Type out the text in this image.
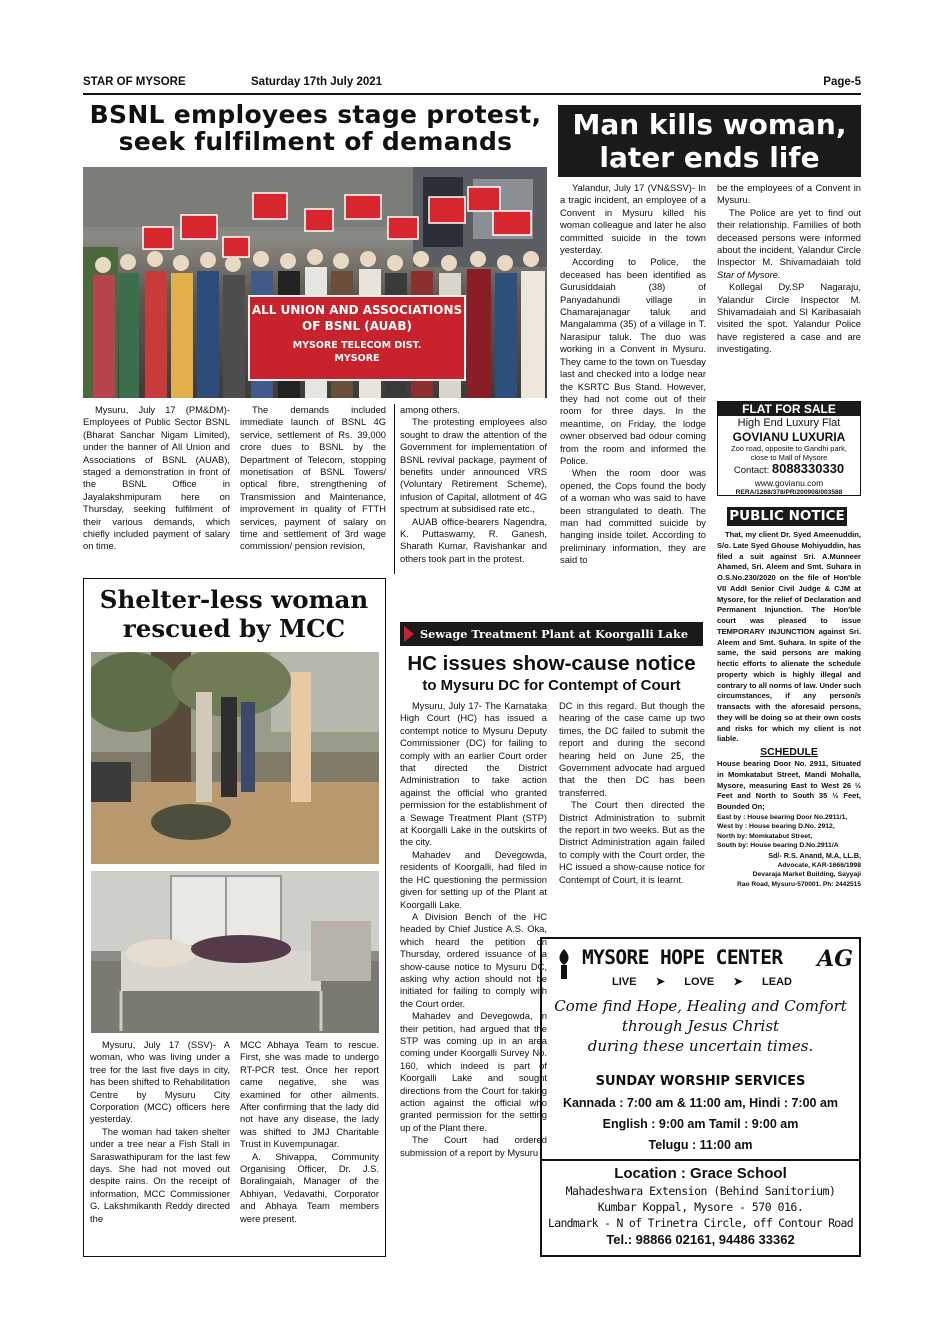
STAR OF MYSORE	Saturday 17th July 2021	Page-5
BSNL employees stage protest,
seek fulfilment of demands
ALL UNION AND ASSOCIATIONS
OF BSNL (AUAB)
MYSORE TELECOM DIST.
MYSORE

Mysuru, July 17 (PM&DM)- Employees of Public Sector BSNL (Bharat Sanchar Nigam Limited), under the banner of All Union and Associations of BSNL (AUAB), staged a demonstration in front of the BSNL Office in Jayalakshmipuram here on Thursday, seeking fulfilment of their various demands, which chiefly included payment of salary on time.

The demands included immediate launch of BSNL 4G service, settlement of Rs. 39,000 crore dues to BSNL by the Department of Telecom, stopping monetisation of BSNL Towers/ optical fibre, strengthening of Transmission and Maintenance, improvement in quality of FTTH services, payment of salary on time and settlement of 3rd wage commission/ pension revision,

among others.

The protesting employees also sought to draw the attention of the Government for implementation of BSNL revival package, payment of benefits under announced VRS (Voluntary Retirement Scheme), infusion of Capital, allotment of 4G spectrum at subsidised rate etc.,

AUAB office-bearers Nagendra, K. Puttaswamy, R. Ganesh, Sharath Kumar, Ravishankar and others took part in the protest.

Man kills woman,
later ends life

Yalandur, July 17 (VN&SSV)- In a tragic incident, an employee of a Convent in Mysuru killed his woman colleague and later he also committed suicide in the town yesterday.

According to Police, the deceased has been identified as Gurusiddaiah (38) of Panyadahundi village in Chamarajanagar taluk and Mangalamma (35) of a village in T. Narasipur taluk. The duo was working in a Convent in Mysuru. They came to the town on Tuesday last and checked into a lodge near the KSRTC Bus Stand. However, they had not come out of their room for three days. In the meantime, on Friday, the lodge owner observed bad odour coming from the room and informed the Police.

When the room door was opened, the Cops found the body of a woman who was said to have been strangulated to death. The man had committed suicide by hanging inside toilet. According to preliminary information, they are said to

be the employees of a Convent in Mysuru.

The Police are yet to find out their relationship. Families of both deceased persons were informed about the incident, Yalandur Circle Inspector M. Shivamadaiah told Star of Mysore.

Kollegal Dy.SP Nagaraju, Yalandur Circle Inspector M. Shivamadaiah and SI Karibasaiah visited the spot. Yalandur Police have registered a case and are investigating.

FLAT FOR SALE
High End Luxury Flat
GOVIANU LUXURIA
Zoo road, opposite to Gandhi park,
close to Mall of Mysore
Contact: 8088330330
www.govianu.com
RERA/1268/378/PR/200908/003588
PUBLIC NOTICE
That, my client Dr. Syed Ameenuddin, S/o. Late Syed Ghouse Mohiyuddin, has filed a suit against Sri. A.Munneer Ahamed, Sri. Aleem and Smt. Suhara in O.S.No.230/2020 on the file of Hon'ble VII Addl Senior Civil Judge & CJM at Mysore, for the relief of Declaration and Permanent Injunction. The Hon'ble court was pleased to issue TEMPORARY INJUNCTION against Sri. Aleem and Smt. Suhara. In spite of the same, the said persons are making hectic efforts to alienate the schedule property which is highly illegal and contrary to all norms of law. Under such circumstances, if any person/s transacts with the aforesaid persons, they will be doing so at their own costs and risks for which my client is not liable.
SCHEDULE
House bearing Door No. 2911, Situated in Momkatabut Street, Mandi Mohalla, Mysore, measuring East to West 26 ½ Feet and North to South 35 ½ Feet, Bounded On;
East by : House bearing Door No.2911/1,
West by : House bearing D.No. 2912,
North by: Momkatabut Street,
South by: House bearing D.No.2911/A
Sd/- R.S. Anand, M.A, LL.B,
Advocate, KAR-1666/1998
Devaraja Market Building, Sayyaji
Rao Road, Mysuru-570001. Ph: 2442515
Shelter-less woman
rescued by MCC

Mysuru, July 17 (SSV)- A woman, who was living under a tree for the last five days in city, has been shifted to Rehabilitation Centre by Mysuru City Corporation (MCC) officers here yesterday.

The woman had taken shelter under a tree near a Fish Stall in Saraswathipuram for the last few days. She had not moved out despite rains. On the receipt of information, MCC Commissioner G. Lakshmikanth Reddy directed the

MCC Abhaya Team to rescue. First, she was made to undergo RT-PCR test. Once her report came negative, she was examined for other ailments. After confirming that the lady did not have any disease, the lady was shifted to JMJ Charitable Trust in Kuvempunagar.

A. Shivappa, Community Organising Officer, Dr. J.S. Boralingaiah, Manager of the Abhiyan, Vedavathi, Corporator and Abhaya Team members were present.

Sewage Treatment Plant at Koorgalli Lake
HC issues show-cause notice
to Mysuru DC for Contempt of Court

Mysuru, July 17- The Karnataka High Court (HC) has issued a contempt notice to Mysuru Deputy Commissioner (DC) for failing to comply with an earlier Court order that directed the District Administration to take action against the official who granted permission for the establishment of a Sewage Treatment Plant (STP) at Koorgalli Lake in the outskirts of the city.

Mahadev and Devegowda, residents of Koorgalli, had filed in the HC questioning the permission given for setting up of the Plant at Koorgalli Lake.

A Division Bench of the HC headed by Chief Justice A.S. Oka, which heard the petition on Thursday, ordered issuance of a show-cause notice to Mysuru DC, asking why action should not be initiated for failing to comply with the Court order.

Mahadev and Devegowda, in their petition, had argued that the STP was coming up in an area coming under Koorgalli Survey No. 160, which indeed is part of Koorgalli Lake and sought directions from the Court for taking action against the official who granted permission for the setting up of the Plant there.

The Court had ordered submission of a report by Mysuru

DC in this regard. But though the hearing of the case came up two times, the DC failed to submit the report and during the second hearing held on June 25, the Government advocate had argued that the then DC has been transferred.

The Court then directed the District Administration to submit the report in two weeks. But as the District Administration again failed to comply with the Court order, the HC issued a show-cause notice for Contempt of Court, it is learnt.

MYSORE HOPE CENTER AG
LIVE ➤ LOVE ➤ LEAD
Come find Hope, Healing and Comfort
through Jesus Christ
during these uncertain times.
SUNDAY WORSHIP SERVICES
Kannada : 7:00 am & 11:00 am, Hindi : 7:00 am
English : 9:00 am Tamil : 9:00 am
Telugu : 11:00 am
Location : Grace School
Mahadeshwara Extension (Behind Sanitorium)
Kumbar Koppal, Mysore - 570 016.
Landmark - N of Trinetra Circle, off Contour Road
Tel.: 98866 02161, 94486 33362
